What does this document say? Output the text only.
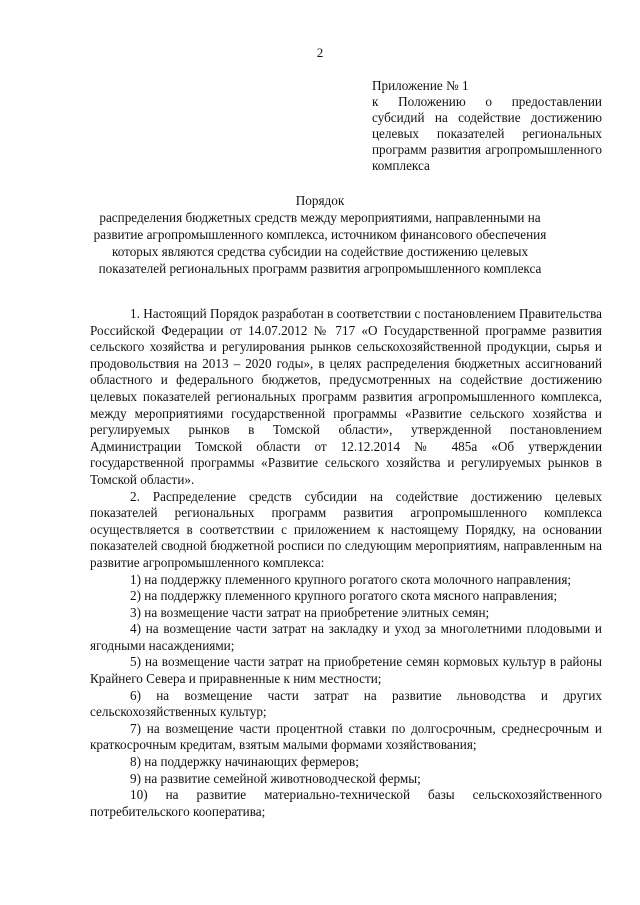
2
Приложение № 1
к Положению о предоставлении субсидий на содействие достижению целевых показателей региональных программ развития агропромышленного комплекса
Порядок
распределения бюджетных средств между мероприятиями, направленными на развитие агропромышленного комплекса, источником финансового обеспечения которых являются средства субсидии на содействие достижению целевых показателей региональных программ развития агропромышленного комплекса

1. Настоящий Порядок разработан в соответствии с постановлением Правительства Российской Федерации от 14.07.2012 № 717 «О Государственной программе развития сельского хозяйства и регулирования рынков сельскохозяйственной продукции, сырья и продовольствия на 2013 – 2020 годы», в целях распределения бюджетных ассигнований областного и федерального бюджетов, предусмотренных на содействие достижению целевых показателей региональных программ развития агропромышленного комплекса, между мероприятиями государственной программы «Развитие сельского хозяйства и регулируемых рынков в Томской области», утвержденной постановлением Администрации Томской области от 12.12.2014 № 485а «Об утверждении государственной программы «Развитие сельского хозяйства и регулируемых рынков в Томской области».

2. Распределение средств субсидии на содействие достижению целевых показателей региональных программ развития агропромышленного комплекса осуществляется в соответствии с приложением к настоящему Порядку, на основании показателей сводной бюджетной росписи по следующим мероприятиям, направленным на развитие агропромышленного комплекса:

1) на поддержку племенного крупного рогатого скота молочного направления;

2) на поддержку племенного крупного рогатого скота мясного направления;

3) на возмещение части затрат на приобретение элитных семян;

4) на возмещение части затрат на закладку и уход за многолетними плодовыми и ягодными насаждениями;

5) на возмещение части затрат на приобретение семян кормовых культур в районы Крайнего Севера и приравненные к ним местности;

6) на возмещение части затрат на развитие льноводства и других сельскохозяйственных культур;

7) на возмещение части процентной ставки по долгосрочным, среднесрочным и краткосрочным кредитам, взятым малыми формами хозяйствования;

8) на поддержку начинающих фермеров;

9) на развитие семейной животноводческой фермы;

10) на развитие материально-технической базы сельскохозяйственного потребительского кооператива;
